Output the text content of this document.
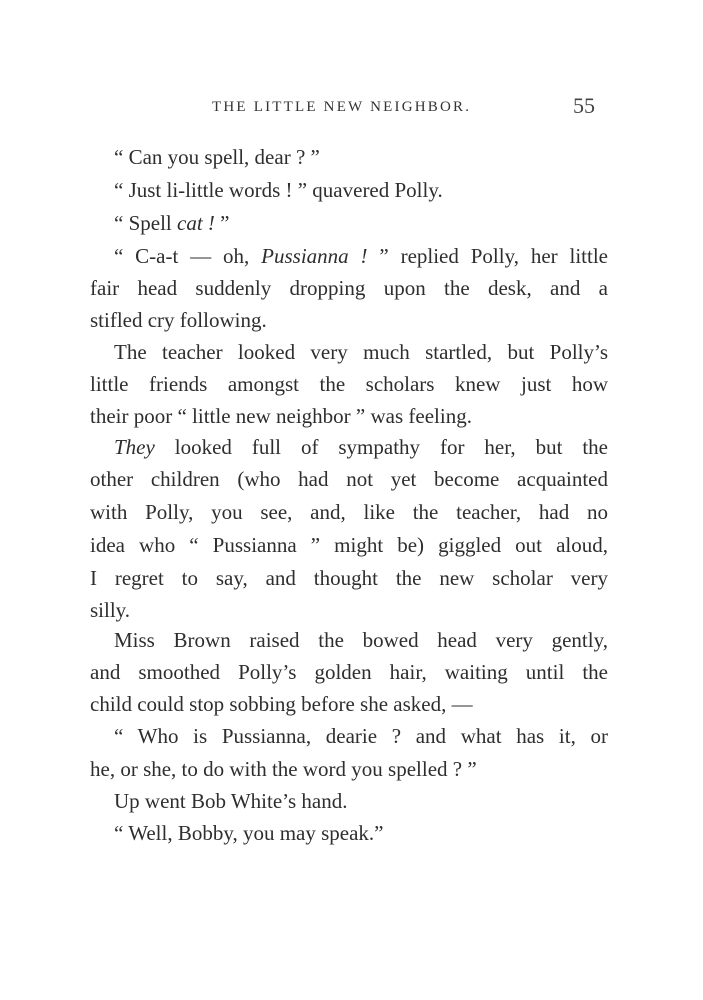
THE LITTLE NEW NEIGHBOR.	55
“ Can you spell, dear ? ”
“ Just li-little words ! ” quavered Polly.
“ Spell cat ! ”
“ C-a-t — oh, Pussianna ! ” replied Polly, her little
fair head suddenly dropping upon the desk, and a
stifled cry following.
The teacher looked very much startled, but Polly’s
little friends amongst the scholars knew just how
their poor “ little new neighbor ” was feeling.
They looked full of sympathy for her, but the
other children (who had not yet become acquainted
with Polly, you see, and, like the teacher, had no
idea who “ Pussianna ” might be) giggled out aloud,
I regret to say, and thought the new scholar very
silly.
Miss Brown raised the bowed head very gently,
and smoothed Polly’s golden hair, waiting until the
child could stop sobbing before she asked, —
“ Who is Pussianna, dearie ? and what has it, or
he, or she, to do with the word you spelled ? ”
Up went Bob White’s hand.
“ Well, Bobby, you may speak.”
